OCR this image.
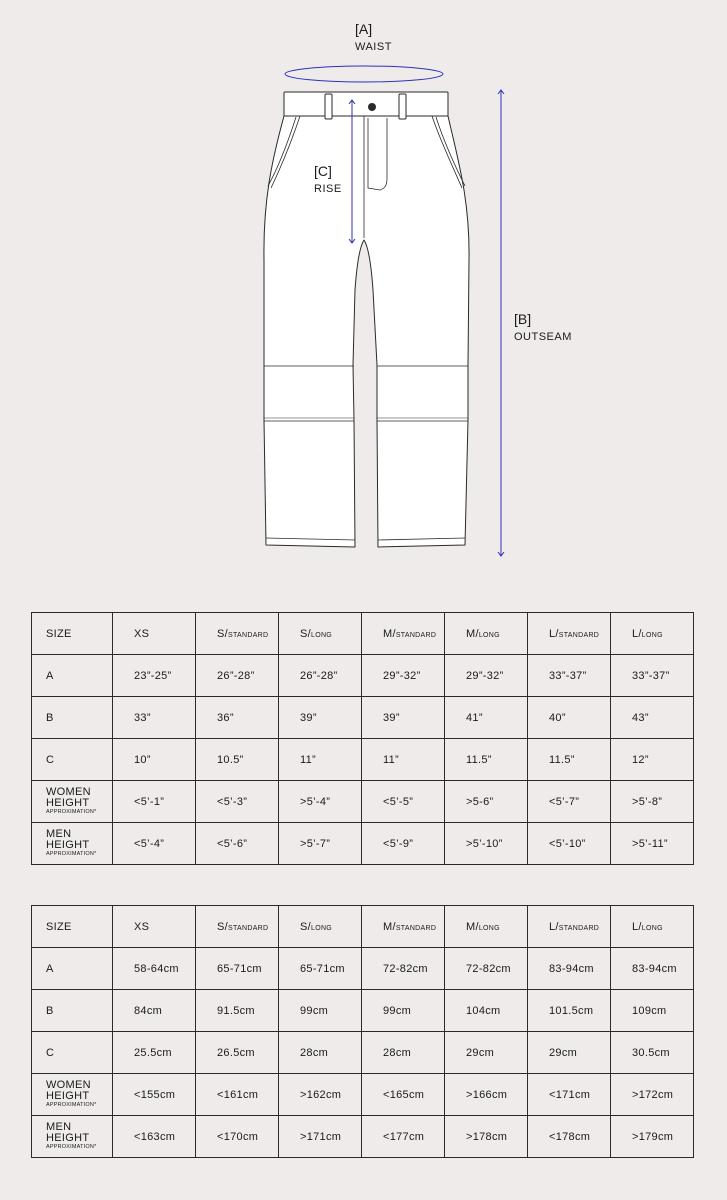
[A]
WAIST
[C]
RISE
[B]
OUTSEAM
SIZE	XS	S/STANDARD	S/LONG	M/STANDARD	M/LONG	L/STANDARD	L/LONG
A	23”-25”	26”-28”	26”-28”	29”-32”	29”-32”	33”-37”	33”-37”
B	33”	36”	39”	39”	41”	40”	43”
C	10”	10.5”	11”	11”	11.5”	11.5”	12”

WOMEN
HEIGHT
APPROXIMATION*	<5’-1”	<5’-3”	>5’-4”	<5’-5”	>5-6”	<5’-7”	>5’-8”

MEN
HEIGHT
APPROXIMATION*	<5’-4”	<5’-6”	>5’-7”	<5’-9”	>5’-10”	<5’-10”	>5’-11”
SIZE	XS	S/STANDARD	S/LONG	M/STANDARD	M/LONG	L/STANDARD	L/LONG
A	58-64cm	65-71cm	65-71cm	72-82cm	72-82cm	83-94cm	83-94cm
B	84cm	91.5cm	99cm	99cm	104cm	101.5cm	109cm
C	25.5cm	26.5cm	28cm	28cm	29cm	29cm	30.5cm

WOMEN
HEIGHT
APPROXIMATION*	<155cm	<161cm	>162cm	<165cm	>166cm	<171cm	>172cm

MEN
HEIGHT
APPROXIMATION*	<163cm	<170cm	>171cm	<177cm	>178cm	<178cm	>179cm
